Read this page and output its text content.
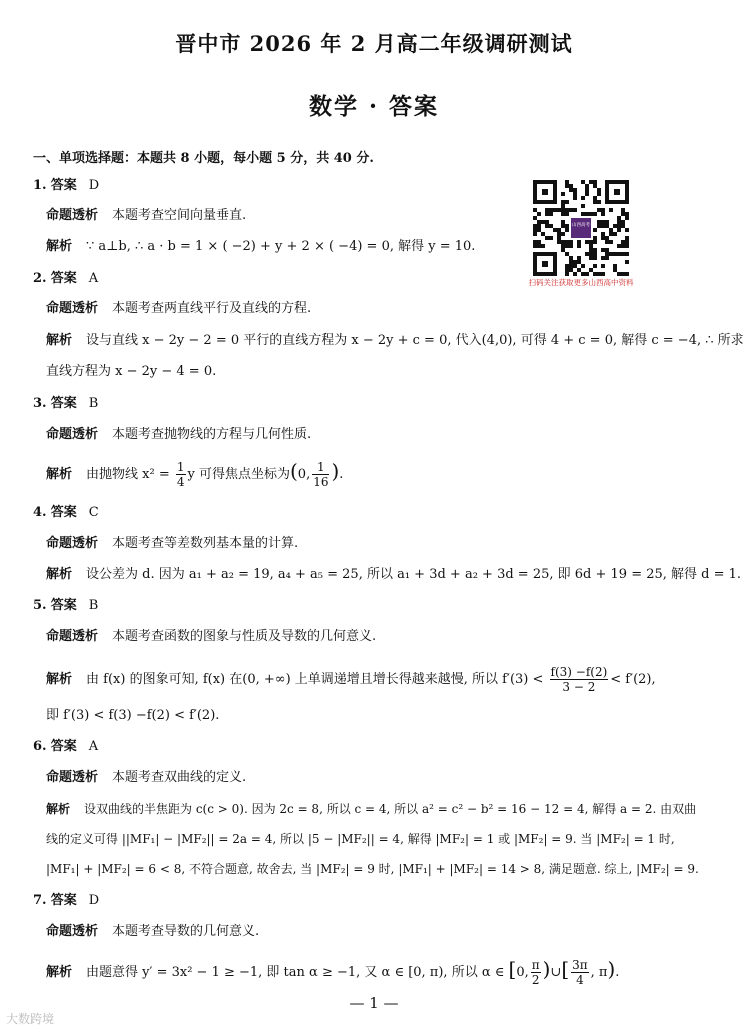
晋中市 2026 年 2 月高二年级调研测试
数学 · 答案
一、单项选择题：本题共 8 小题，每小题 5 分，共 40 分.
山西高考
扫码关注获取更多山西高中资料
1. 答案 D
命题透析 本题考查空间向量垂直.
解析 ∵ a⊥b, ∴ a · b = 1 × ( −2) + y + 2 × ( −4) = 0, 解得 y = 10.
2. 答案 A
命题透析 本题考查两直线平行及直线的方程.
解析 设与直线 x − 2y − 2 = 0 平行的直线方程为 x − 2y + c = 0, 代入(4,0), 可得 4 + c = 0, 解得 c = −4, ∴ 所求
直线方程为 x − 2y − 4 = 0.
3. 答案 B
命题透析 本题考查抛物线的方程与几何性质.
解析 由抛物线 $x^2 = \frac{1}{4}$ y 可得焦点坐标为(0, $\frac{1}{16}$ ).
4. 答案 C
命题透析 本题考查等差数列基本量的计算.
解析 设公差为 d. 因为 a₁ + a₂ = 19, a₄ + a₅ = 25, 所以 a₁ + 3d + a₂ + 3d = 25, 即 6d + 19 = 25, 解得 d = 1.
5. 答案 B
命题透析 本题考查函数的图象与性质及导数的几何意义.
解析 由 f(x) 的图象可知, f(x) 在(0, +∞) 上单调递增且增长得越来越慢, 所以 $f'(3) < \frac{f(3) -f(2)}{3 - 2} < f'(2)$,
即 f′(3) < f(3) −f(2) < f′(2).
6. 答案 A
命题透析 本题考查双曲线的定义.
解析 设双曲线的半焦距为 c(c > 0). 因为 2c = 8, 所以 c = 4, 所以 a² = c² − b² = 16 − 12 = 4, 解得 a = 2. 由双曲
线的定义可得 ||MF₁| − |MF₂|| = 2a = 4, 所以 |5 − |MF₂|| = 4, 解得 |MF₂| = 1 或 |MF₂| = 9. 当 |MF₂| = 1 时,
|MF₁| + |MF₂| = 6 < 8, 不符合题意, 故舍去, 当 |MF₂| = 9 时, |MF₁| + |MF₂| = 14 > 8, 满足题意. 综上, |MF₂| = 9.
7. 答案 D
命题透析 本题考查导数的几何意义.
解析 由题意得 y′ = 3x² − 1 ≥ −1, 即 tan α ≥ −1, 又 α ∈ [0, π), 所以 α ∈ [0, $\frac{\pi}{2}$ )∪[ $\frac{3\pi}{4}$ , π).
— 1 —
大数跨境
